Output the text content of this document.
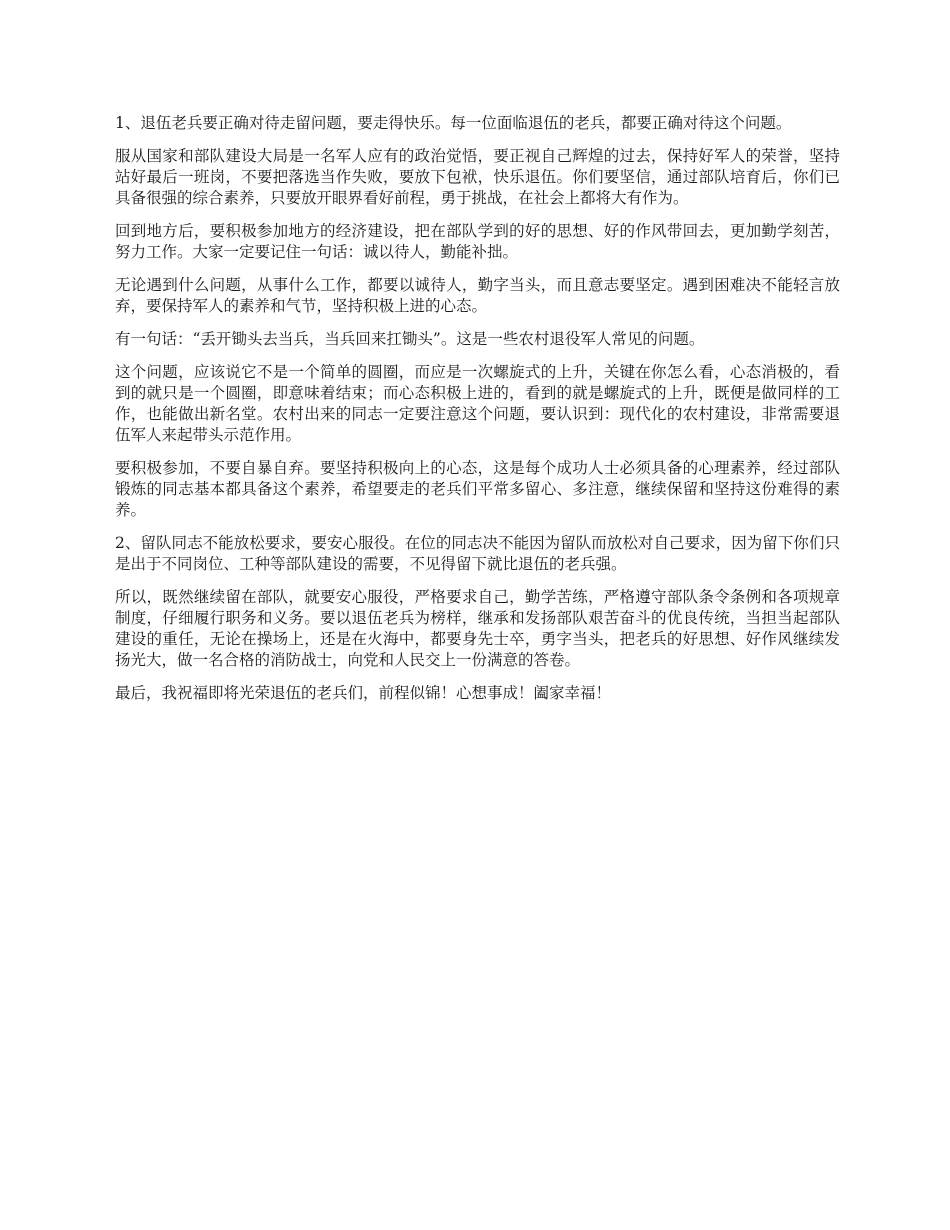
1、退伍老兵要正确对待走留问题，要走得快乐。每一位面临退伍的老兵，都要正确对待这个问题。

服从国家和部队建设大局是一名军人应有的政治觉悟，要正视自己辉煌的过去，保持好军人的荣誉，坚持站好最后一班岗，不要把落选当作失败，要放下包袱，快乐退伍。你们要坚信，通过部队培育后，你们已具备很强的综合素养，只要放开眼界看好前程，勇于挑战，在社会上都将大有作为。

回到地方后，要积极参加地方的经济建设，把在部队学到的好的思想、好的作风带回去，更加勤学刻苦，努力工作。大家一定要记住一句话：诚以待人，勤能补拙。

无论遇到什么问题，从事什么工作，都要以诚待人，勤字当头，而且意志要坚定。遇到困难决不能轻言放弃，要保持军人的素养和气节，坚持积极上进的心态。

有一句话：“丢开锄头去当兵，当兵回来扛锄头”。这是一些农村退役军人常见的问题。

这个问题，应该说它不是一个简单的圆圈，而应是一次螺旋式的上升，关键在你怎么看，心态消极的，看到的就只是一个圆圈，即意味着结束；而心态积极上进的，看到的就是螺旋式的上升，既便是做同样的工作，也能做出新名堂。农村出来的同志一定要注意这个问题，要认识到：现代化的农村建设，非常需要退伍军人来起带头示范作用。

要积极参加，不要自暴自弃。要坚持积极向上的心态，这是每个成功人士必须具备的心理素养，经过部队锻炼的同志基本都具备这个素养，希望要走的老兵们平常多留心、多注意，继续保留和坚持这份难得的素养。

2、留队同志不能放松要求，要安心服役。在位的同志决不能因为留队而放松对自己要求，因为留下你们只是出于不同岗位、工种等部队建设的需要，不见得留下就比退伍的老兵强。

所以，既然继续留在部队，就要安心服役，严格要求自己，勤学苦练，严格遵守部队条令条例和各项规章制度，仔细履行职务和义务。要以退伍老兵为榜样，继承和发扬部队艰苦奋斗的优良传统，当担当起部队建设的重任，无论在操场上，还是在火海中，都要身先士卒，勇字当头，把老兵的好思想、好作风继续发扬光大，做一名合格的消防战士，向党和人民交上一份满意的答卷。

最后，我祝福即将光荣退伍的老兵们，前程似锦！心想事成！阖家幸福！
